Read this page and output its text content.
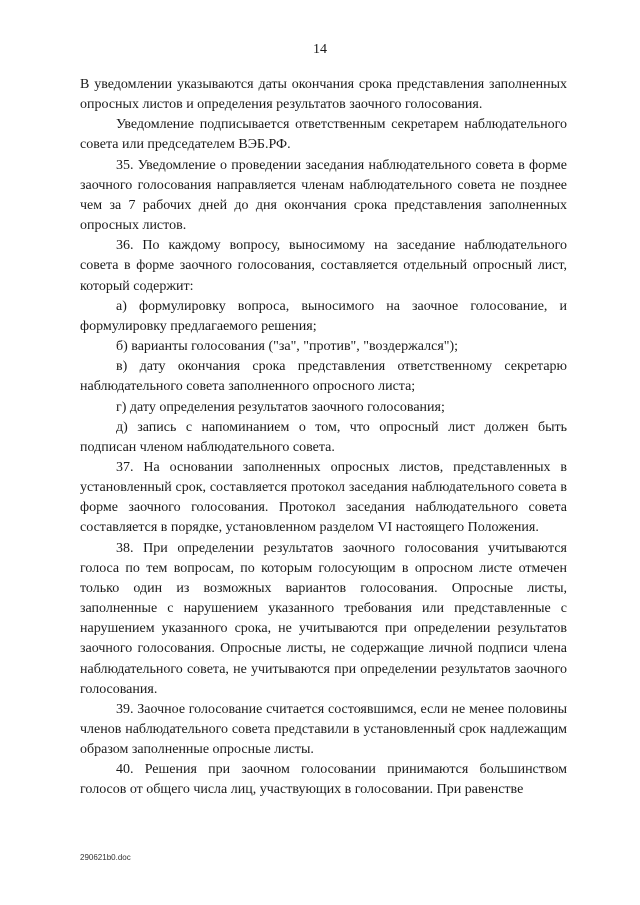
14

В уведомлении указываются даты окончания срока представления заполненных опросных листов и определения результатов заочного голосования.

Уведомление подписывается ответственным секретарем наблюдательного совета или председателем ВЭБ.РФ.

35. Уведомление о проведении заседания наблюдательного совета в форме заочного голосования направляется членам наблюдательного совета не позднее чем за 7 рабочих дней до дня окончания срока представления заполненных опросных листов.

36. По каждому вопросу, выносимому на заседание наблюдательного совета в форме заочного голосования, составляется отдельный опросный лист, который содержит:

а) формулировку вопроса, выносимого на заочное голосование, и формулировку предлагаемого решения;

б) варианты голосования ("за", "против", "воздержался");

в) дату окончания срока представления ответственному секретарю наблюдательного совета заполненного опросного листа;

г) дату определения результатов заочного голосования;

д) запись с напоминанием о том, что опросный лист должен быть подписан членом наблюдательного совета.

37. На основании заполненных опросных листов, представленных в установленный срок, составляется протокол заседания наблюдательного совета в форме заочного голосования. Протокол заседания наблюдательного совета составляется в порядке, установленном разделом VI настоящего Положения.

38. При определении результатов заочного голосования учитываются голоса по тем вопросам, по которым голосующим в опросном листе отмечен только один из возможных вариантов голосования. Опросные листы, заполненные с нарушением указанного требования или представленные с нарушением указанного срока, не учитываются при определении результатов заочного голосования. Опросные листы, не содержащие личной подписи члена наблюдательного совета, не учитываются при определении результатов заочного голосования.

39. Заочное голосование считается состоявшимся, если не менее половины членов наблюдательного совета представили в установленный срок надлежащим образом заполненные опросные листы.

40. Решения при заочном голосовании принимаются большинством голосов от общего числа лиц, участвующих в голосовании. При равенстве

290621b0.doc
